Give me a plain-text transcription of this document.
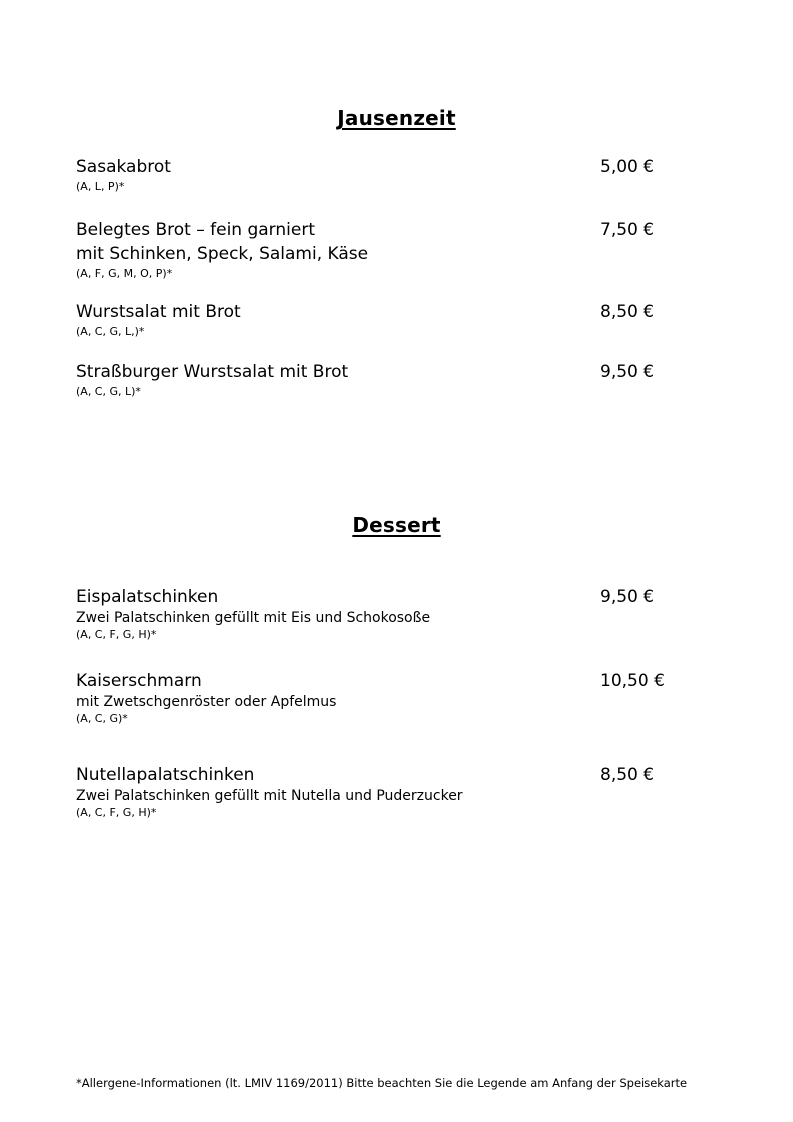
Jausenzeit
Sasakabrot
(A, L, P)*
5,00 €
Belegtes Brot – fein garniert
mit Schinken, Speck, Salami, Käse
(A, F, G, M, O, P)*
7,50 €
Wurstsalat mit Brot
(A, C, G, L,)*
8,50 €
Straßburger Wurstsalat mit Brot
(A, C, G, L)*
9,50 €
Dessert
Eispalatschinken
Zwei Palatschinken gefüllt mit Eis und Schokosoße
(A, C, F, G, H)*
9,50 €
Kaiserschmarn
mit Zwetschgenröster oder Apfelmus
(A, C, G)*
10,50 €
Nutellapalatschinken
Zwei Palatschinken gefüllt mit Nutella und Puderzucker
(A, C, F, G, H)*
8,50 €
*Allergene-Informationen (lt. LMIV 1169/2011) Bitte beachten Sie die Legende am Anfang der Speisekarte
